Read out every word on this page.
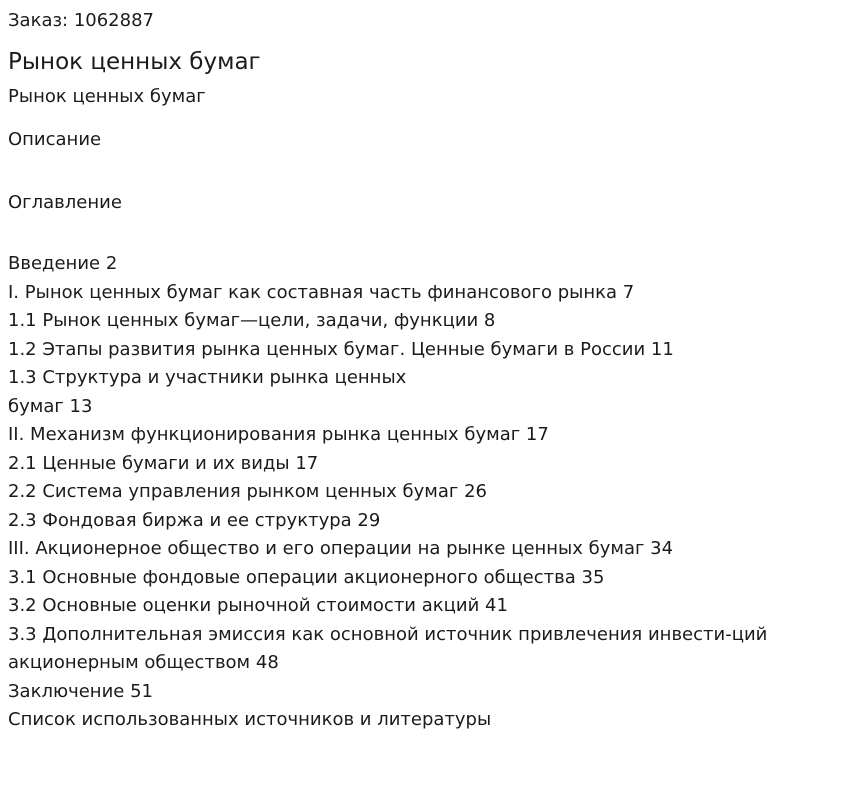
Заказ: 1062887

Рынок ценных бумаг

Рынок ценных бумаг

Описание

Оглавление

Введение 2
I. Рынок ценных бумаг как составная часть финансового рынка 7
1.1 Рынок ценных бумаг—цели, задачи, функции 8
1.2 Этапы развития рынка ценных бумаг. Ценные бумаги в России 11
1.3 Структура и участники рынка ценных
бумаг 13
II. Механизм функционирования рынка ценных бумаг 17
2.1 Ценные бумаги и их виды 17
2.2 Система управления рынком ценных бумаг 26
2.3 Фондовая биржа и ее структура 29
III. Акционерное общество и его операции на рынке ценных бумаг 34
3.1 Основные фондовые операции акционерного общества 35
3.2 Основные оценки рыночной стоимости акций 41
3.3 Дополнительная эмиссия как основной источник привлечения инвести-ций
акционерным обществом 48
Заключение 51
Список использованных источников и литературы
